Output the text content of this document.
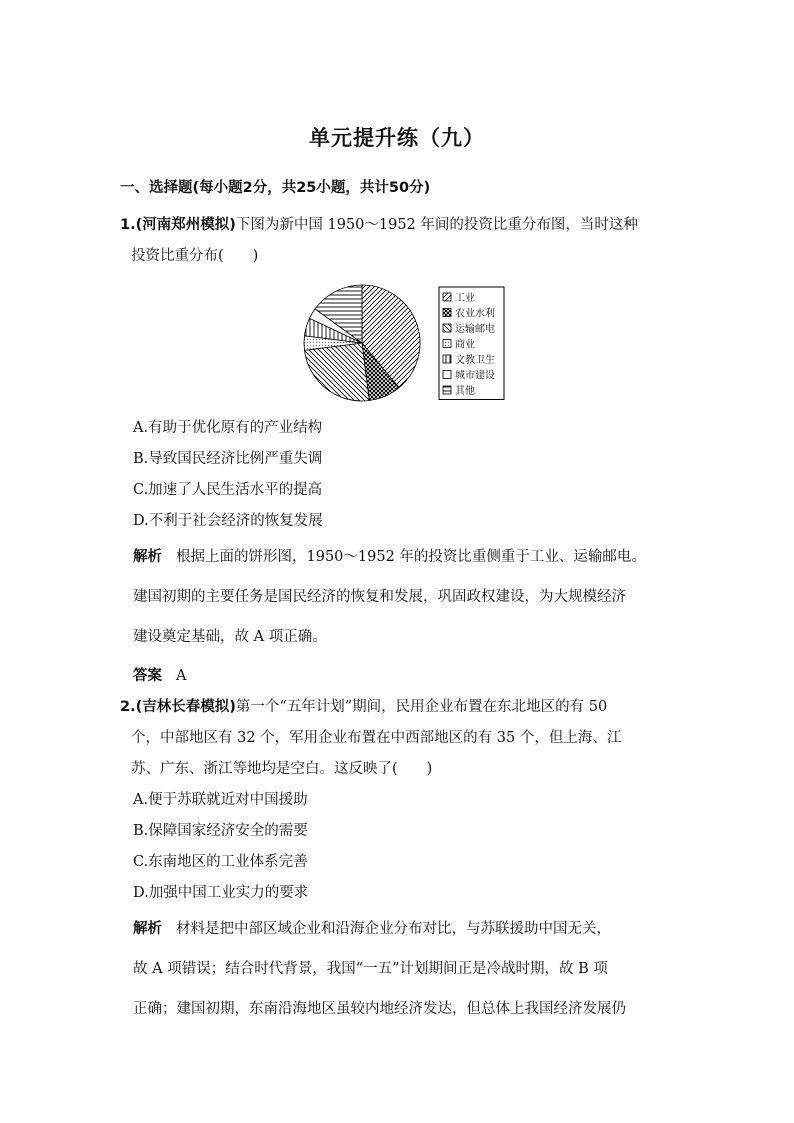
单元提升练（九）
一、选择题(每小题2分，共25小题，共计50分)
1.(河南郑州模拟)下图为新中国 1950～1952 年间的投资比重分布图，当时这种
投资比重分布(　　)
工业
农业水利
运输邮电
商业
文教卫生
城市建设
其他
A.有助于优化原有的产业结构
B.导致国民经济比例严重失调
C.加速了人民生活水平的提高
D.不利于社会经济的恢复发展
解析 根据上面的饼形图，1950～1952 年的投资比重侧重于工业、运输邮电。
建国初期的主要任务是国民经济的恢复和发展，巩固政权建设，为大规模经济
建设奠定基础，故 A 项正确。
答案 A
2.(吉林长春模拟)第一个“五年计划”期间，民用企业布置在东北地区的有 50
个，中部地区有 32 个，军用企业布置在中西部地区的有 35 个，但上海、江
苏、广东、浙江等地均是空白。这反映了(　　)
A.便于苏联就近对中国援助
B.保障国家经济安全的需要
C.东南地区的工业体系完善
D.加强中国工业实力的要求
解析 材料是把中部区域企业和沿海企业分布对比，与苏联援助中国无关，
故 A 项错误；结合时代背景，我国“一五”计划期间正是冷战时期，故 B 项
正确；建国初期，东南沿海地区虽较内地经济发达，但总体上我国经济发展仍
